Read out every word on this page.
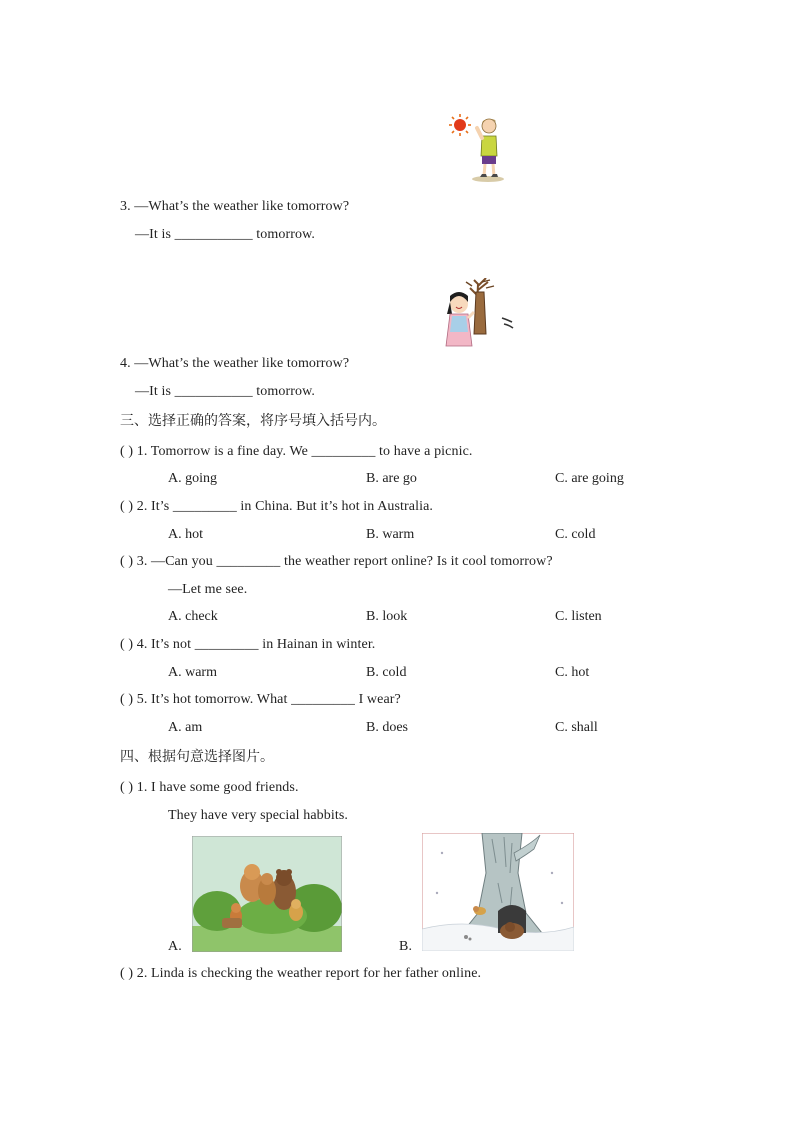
3. —What’s the weather like tomorrow?
—It is ___________ tomorrow.
4. —What’s the weather like tomorrow?
—It is ___________ tomorrow.
三、选择正确的答案，将序号填入括号内。
( ) 1. Tomorrow is a fine day. We _________ to have a picnic.
A. going	B. are go	C. are going
( ) 2. It’s _________ in China. But it’s hot in Australia.
A. hot	B. warm	C. cold
( ) 3. —Can you _________ the weather report online? Is it cool tomorrow?
—Let me see.
A. check	B. look	C. listen
( ) 4. It’s not _________ in Hainan in winter.
A. warm	B. cold	C. hot
( ) 5. It’s hot tomorrow. What _________ I wear?
A. am	B. does	C. shall
四、根据句意选择图片。
( ) 1. I have some good friends.
They have very special habbits.
A.	B.
( ) 2. Linda is checking the weather report for her father online.
